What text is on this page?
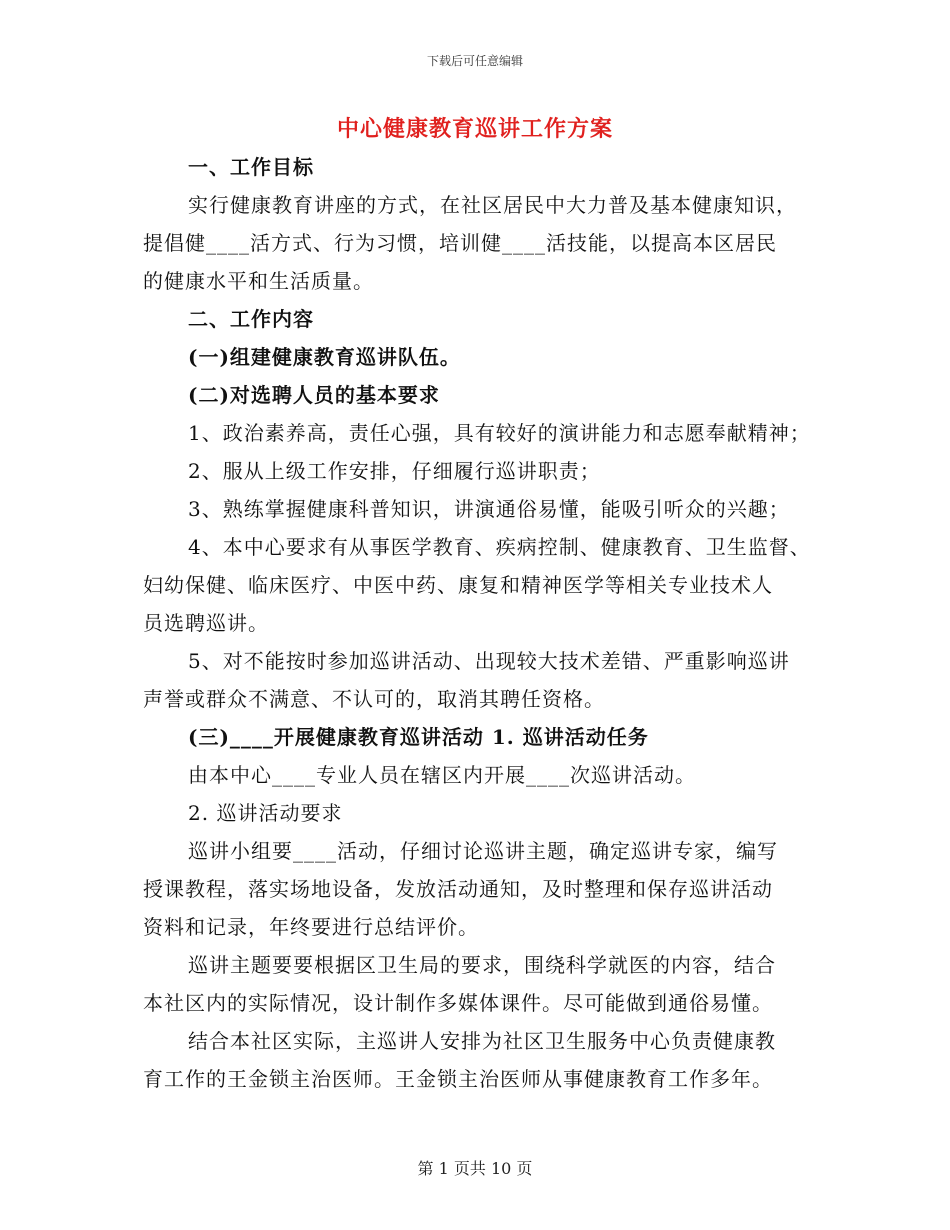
下载后可任意编辑
中心健康教育巡讲工作方案
一、工作目标
实行健康教育讲座的方式，在社区居民中大力普及基本健康知识，
提倡健____活方式、行为习惯，培训健____活技能，以提高本区居民
的健康水平和生活质量。
二、工作内容
(一)组建健康教育巡讲队伍。
(二)对选聘人员的基本要求
1、政治素养高，责任心强，具有较好的演讲能力和志愿奉献精神；
2、服从上级工作安排，仔细履行巡讲职责；
3、熟练掌握健康科普知识，讲演通俗易懂，能吸引听众的兴趣；
4、本中心要求有从事医学教育、疾病控制、健康教育、卫生监督、
妇幼保健、临床医疗、中医中药、康复和精神医学等相关专业技术人
员选聘巡讲。
5、对不能按时参加巡讲活动、出现较大技术差错、严重影响巡讲
声誉或群众不满意、不认可的，取消其聘任资格。
(三)____开展健康教育巡讲活动 1. 巡讲活动任务
由本中心____专业人员在辖区内开展____次巡讲活动。
2. 巡讲活动要求
巡讲小组要____活动，仔细讨论巡讲主题，确定巡讲专家，编写
授课教程，落实场地设备，发放活动通知，及时整理和保存巡讲活动
资料和记录，年终要进行总结评价。
巡讲主题要要根据区卫生局的要求，围绕科学就医的内容，结合
本社区内的实际情况，设计制作多媒体课件。尽可能做到通俗易懂。
结合本社区实际，主巡讲人安排为社区卫生服务中心负责健康教
育工作的王金锁主治医师。王金锁主治医师从事健康教育工作多年。
第 1 页共 10 页
